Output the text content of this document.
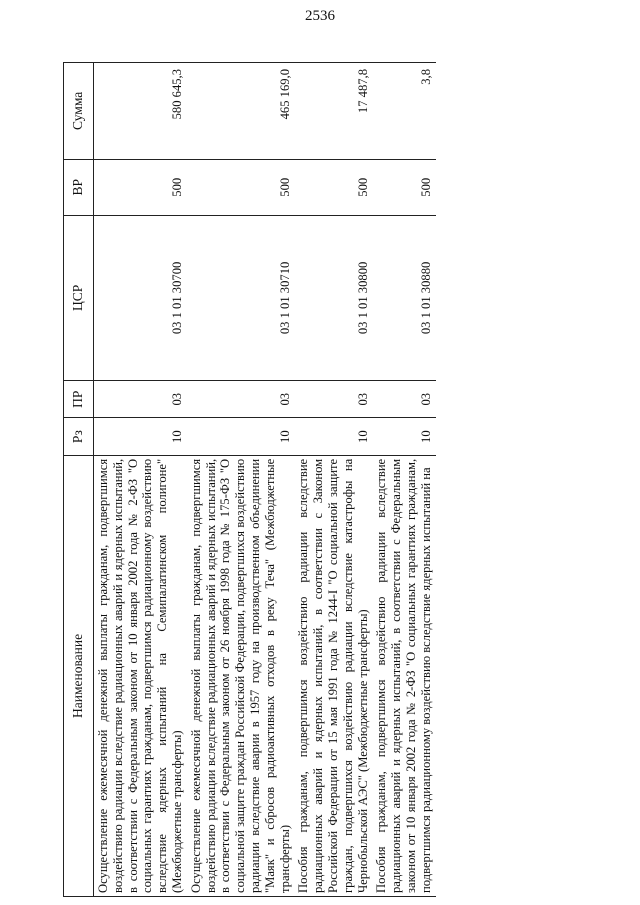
2536
Наименование	Рз	ПР	ЦСР	ВР	Сумма
Осуществление ежемесячной денежной выплаты гражданам, подвергшимся воздействию радиации вследствие радиационных аварий и ядерных испытаний, в соответствии с Федеральным законом от 10 января 2002 года № 2-ФЗ "О социальных гарантиях гражданам, подвергшимся радиационному воздействию вследствие ядерных испытаний на Семипалатинском полигоне" (Межбюджетные трансферты)	10	03	03 1 01 30700	500	580 645,3
Осуществление ежемесячной денежной выплаты гражданам, подвергшимся воздействию радиации вследствие радиационных аварий и ядерных испытаний, в соответствии с Федеральным законом от 26 ноября 1998 года № 175-ФЗ "О социальной защите граждан Российской Федерации, подвергшихся воздействию радиации вследствие аварии в 1957 году на производственном объединении "Маяк" и сбросов радиоактивных отходов в реку Теча" (Межбюджетные трансферты)	10	03	03 1 01 30710	500	465 169,0
Пособия гражданам, подвергшимся воздействию радиации вследствие радиационных аварий и ядерных испытаний, в соответствии с Законом Российской Федерации от 15 мая 1991 года № 1244-I "О социальной защите граждан, подвергшихся воздействию радиации вследствие катастрофы на Чернобыльской АЭС" (Межбюджетные трансферты)	10	03	03 1 01 30800	500	17 487,8
Пособия гражданам, подвергшимся воздействию радиации вследствие радиационных аварий и ядерных испытаний, в соответствии с Федеральным законом от 10 января 2002 года № 2-ФЗ "О социальных гарантиях гражданам, подвергшимся радиационному воздействию вследствие ядерных испытаний на	10	03	03 1 01 30880	500	3,8
